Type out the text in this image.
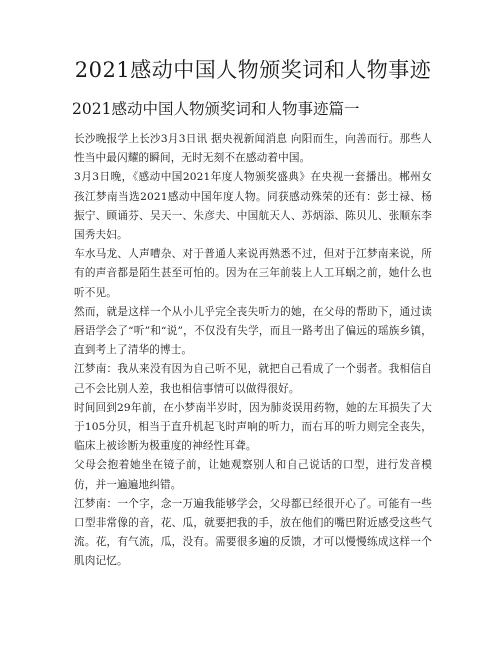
2021感动中国人物颁奖词和人物事迹
2021感动中国人物颁奖词和人物事迹篇一

长沙晚报学上长沙3月3日讯 据央视新闻消息 向阳而生，向善而行。那些人性当中最闪耀的瞬间，无时无刻不在感动着中国。

3月3日晚，《感动中国2021年度人物颁奖盛典》在央视一套播出。郴州女孩江梦南当选2021感动中国年度人物。同获感动殊荣的还有：彭士禄、杨振宁、顾诵芬、吴天一、朱彦夫、中国航天人、苏炳添、陈贝儿、张顺东李国秀夫妇。

车水马龙、人声嘈杂、对于普通人来说再熟悉不过，但对于江梦南来说，所有的声音都是陌生甚至可怕的。因为在三年前装上人工耳蜗之前，她什么也听不见。

然而，就是这样一个从小儿乎完全丧失听力的她，在父母的帮助下，通过读唇语学会了“听”和“说”，不仅没有失学，而且一路考出了偏远的瑶族乡镇，直到考上了清华的博士。

江梦南：我从来没有因为自己听不见，就把自己看成了一个弱者。我相信自己不会比别人差，我也相信事情可以做得很好。

时间回到29年前，在小梦南半岁时，因为肺炎误用药物，她的左耳损失了大于105分贝，相当于直升机起飞时声响的听力，而右耳的听力则完全丧失，临床上被诊断为极重度的神经性耳聋。

父母会抱着她坐在镜子前，让她观察别人和自己说话的口型，进行发音模仿，并一遍遍地纠错。

江梦南：一个字，念一万遍我能够学会，父母都已经很开心了。可能有一些口型非常像的音，花、瓜，就要把我的手，放在他们的嘴巴附近感受这些气流。花，有气流，瓜，没有。需要很多遍的反馈，才可以慢慢练成这样一个肌肉记忆。
